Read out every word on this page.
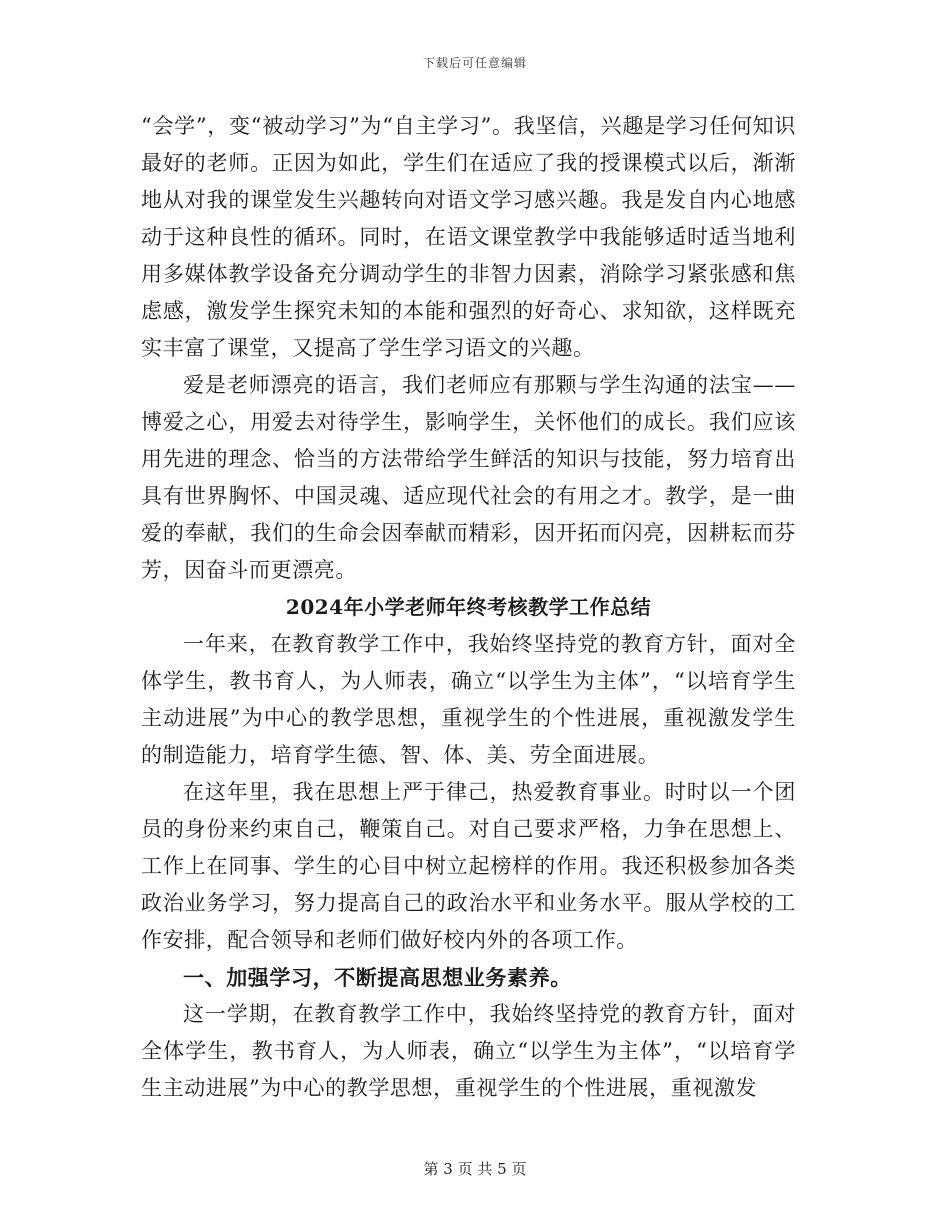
下载后可任意编辑

“会学”，变“被动学习”为“自主学习”。我坚信，兴趣是学习任何知识最好的老师。正因为如此，学生们在适应了我的授课模式以后，渐渐地从对我的课堂发生兴趣转向对语文学习感兴趣。我是发自内心地感动于这种良性的循环。同时，在语文课堂教学中我能够适时适当地利用多媒体教学设备充分调动学生的非智力因素，消除学习紧张感和焦虑感，激发学生探究未知的本能和强烈的好奇心、求知欲，这样既充实丰富了课堂，又提高了学生学习语文的兴趣。

爱是老师漂亮的语言，我们老师应有那颗与学生沟通的法宝——博爱之心，用爱去对待学生，影响学生，关怀他们的成长。我们应该用先进的理念、恰当的方法带给学生鲜活的知识与技能，努力培育出具有世界胸怀、中国灵魂、适应现代社会的有用之才。教学，是一曲爱的奉献，我们的生命会因奉献而精彩，因开拓而闪亮，因耕耘而芬芳，因奋斗而更漂亮。

2024年小学老师年终考核教学工作总结

一年来，在教育教学工作中，我始终坚持党的教育方针，面对全体学生，教书育人，为人师表，确立“以学生为主体”，“以培育学生主动进展”为中心的教学思想，重视学生的个性进展，重视激发学生的制造能力，培育学生德、智、体、美、劳全面进展。

在这年里，我在思想上严于律己，热爱教育事业。时时以一个团员的身份来约束自己，鞭策自己。对自己要求严格，力争在思想上、工作上在同事、学生的心目中树立起榜样的作用。我还积极参加各类政治业务学习，努力提高自己的政治水平和业务水平。服从学校的工作安排，配合领导和老师们做好校内外的各项工作。

一、加强学习，不断提高思想业务素养。

这一学期，在教育教学工作中，我始终坚持党的教育方针，面对全体学生，教书育人，为人师表，确立“以学生为主体”，“以培育学生主动进展”为中心的教学思想，重视学生的个性进展，重视激发

第 3 页 共 5 页
